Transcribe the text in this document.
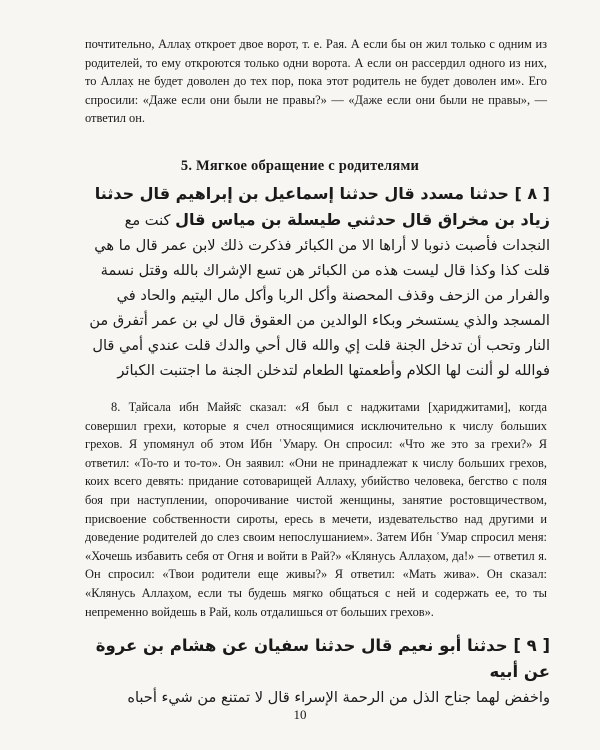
почтительно, Аллаx̣ откроет двое ворот, т. е. Рая. А если бы он жил только с одним из родителей, то ему откроются только одни ворота. А если он рассердил одного из них, то Аллаx̣ не будет доволен до тех пор, пока этот родитель не будет доволен им». Его спросили: «Даже если они были не правы?» — «Даже если они были не правы», — ответил он.

5. Мягкое обращение с родителями

[ ٨ ] حدثنا مسدد قال حدثنا إسماعيل بن إبراهيم قال حدثنا زياد بن مخراق قال حدثني طيسلة بن مياس قال كنت مع النجدات فأصبت ذنوبا لا أراها الا من الكبائر فذكرت ذلك لابن عمر قال ما هي قلت كذا وكذا قال ليست هذه من الكبائر هن تسع الإشراك بالله وقتل نسمة والفرار من الزحف وقذف المحصنة وأكل الربا وأكل مال اليتيم والحاد في المسجد والذي يستسخر وبكاء الوالدين من العقوق قال لي بن عمر أتفرق من النار وتحب أن تدخل الجنة قلت إي والله قال أحي والدك قلت عندي أمي قال فوالله لو ألنت لها الكلام وأطعمتها الطعام لتدخلن الجنة ما اجتنبت الكبائر

8. Т̣айсала ибн Майя̄с сказал: «Я был с наджитами [х̣ариджитами], когда совершил грехи, которые я счел относящимися исключительно к числу больших грехов. Я упомянул об этом Ибн ʿУмару. Он спросил: «Что же это за грехи?» Я ответил: «То-то и то-то». Он заявил: «Они не принадлежат к числу больших грехов, коих всего девять: придание сотоварищей Аллаху, убийство человека, бегство с поля боя при наступлении, опорочивание чистой женщины, занятие ростовщичеством, присвоение собственности сироты, ересь в мечети, издевательство над другими и доведение родителей до слез своим непослушанием». Затем Ибн ʿУмар спросил меня: «Хочешь избавить себя от Огня и войти в Рай?» «Клянусь Аллаx̣ом, да!» — ответил я. Он спросил: «Твои родители еще живы?» Я ответил: «Мать жива». Он сказал: «Клянусь Аллаx̣ом, если ты будешь мягко общаться с ней и содержать ее, то ты непременно войдешь в Рай, коль отдалишься от больших грехов».

[ ٩ ] حدثنا أبو نعيم قال حدثنا سفيان عن هشام بن عروة عن أبيه
واخفض لهما جناح الذل من الرحمة الإسراء قال لا تمتنع من شيء أحباه

10
